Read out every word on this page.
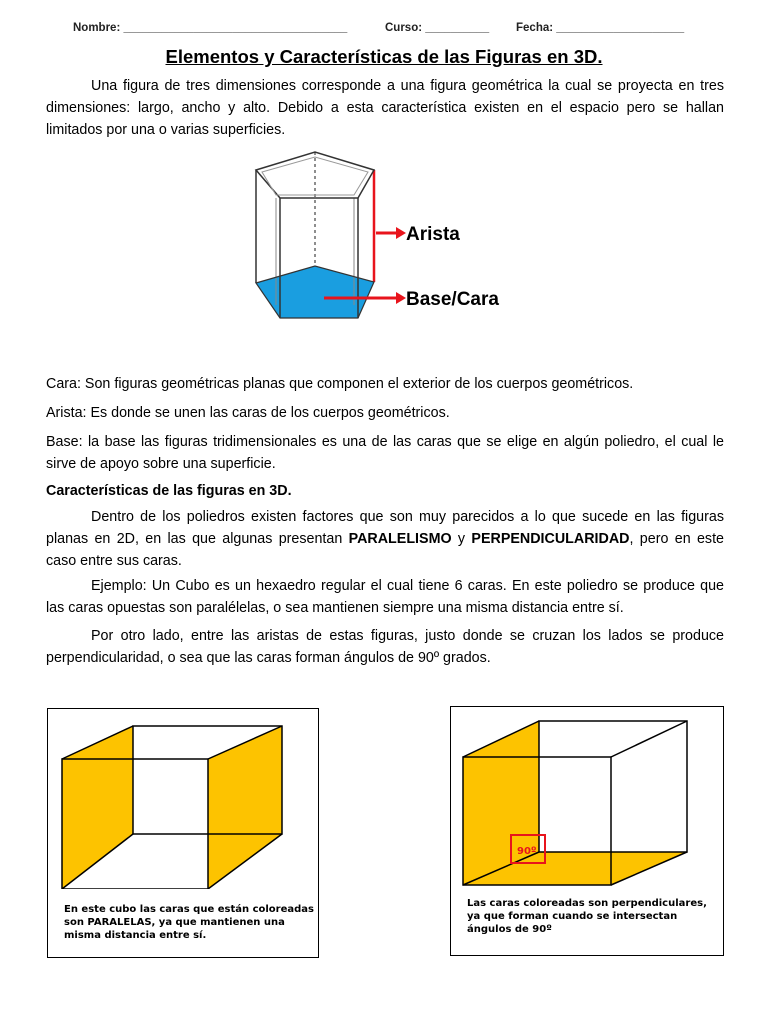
Nombre: ___________________________________	Curso: __________ Fecha: ____________________
Elementos y Características de las Figuras en 3D.

Una figura de tres dimensiones corresponde a una figura geométrica la cual se proyecta en tres dimensiones: largo, ancho y alto. Debido a esta característica existen en el espacio pero se hallan limitados por una o varias superficies.

Arista
Base/Cara

Cara: Son figuras geométricas planas que componen el exterior de los cuerpos geométricos.

Arista: Es donde se unen las caras de los cuerpos geométricos.

Base: la base las figuras tridimensionales es una de las caras que se elige en algún poliedro, el cual le sirve de apoyo sobre una superficie.

Características de las figuras en 3D.

Dentro de los poliedros existen factores que son muy parecidos a lo que sucede en las figuras planas en 2D, en las que algunas presentan PARALELISMO y PERPENDICULARIDAD, pero en este caso entre sus caras.

Ejemplo: Un Cubo es un hexaedro regular el cual tiene 6 caras. En este poliedro se produce que las caras opuestas son paralélelas, o sea mantienen siempre una misma distancia entre sí.

Por otro lado, entre las aristas de estas figuras, justo donde se cruzan los lados se produce perpendicularidad, o sea que las caras forman ángulos de 90º grados.

En este cubo las caras que están coloreadas son PARALELAS, ya que mantienen una misma distancia entre sí.
90º
Las caras coloreadas son perpendiculares, ya que forman cuando se intersectan ángulos de 90º
